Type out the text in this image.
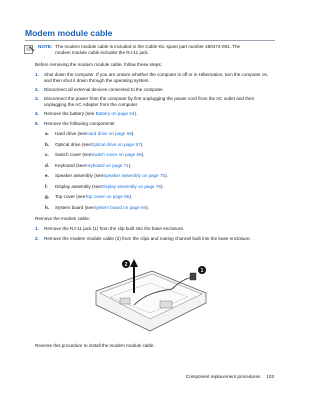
Modem module cable
NOTE: The modem module cable is included in the Cable Kit, spare part number 480474-001. The modem module cable includes the RJ-11 jack.
Before removing the modem module cable, follow these steps:
1.	Shut down the computer. If you are unsure whether the computer is off or in Hibernation, turn the computer on, and then shut it down through the operating system.
2.	Disconnect all external devices connected to the computer.
3.	Disconnect the power from the computer by first unplugging the power cord from the AC outlet and then unplugging the AC Adapter from the computer.
4.	Remove the battery (see Battery on page 54).
5.	Remove the following components:
a.	Hard drive (see Hard drive on page 59 ).
b.	Optical drive (see Optical drive on page 57 ).
c.	Switch cover (see Switch cover on page 69 ).
d.	Keyboard (see Keyboard on page 71 ).
e.	Speaker assembly (see Speaker assembly on page 75 ).
f.	Display assembly (see Display assembly on page 76 ).
g.	Top cover (see Top cover on page 85 ).
h.	System board (see System board on page 94 ).
Remove the modem cable:
1.	Remove the RJ-11 jack (1) from the clip built into the base enclosure.
2.	Remove the modem module cable (2) from the clips and routing channel built into the base enclosure.
2
1
Reverse this procedure to install the modem module cable.
Component replacement procedures 103
